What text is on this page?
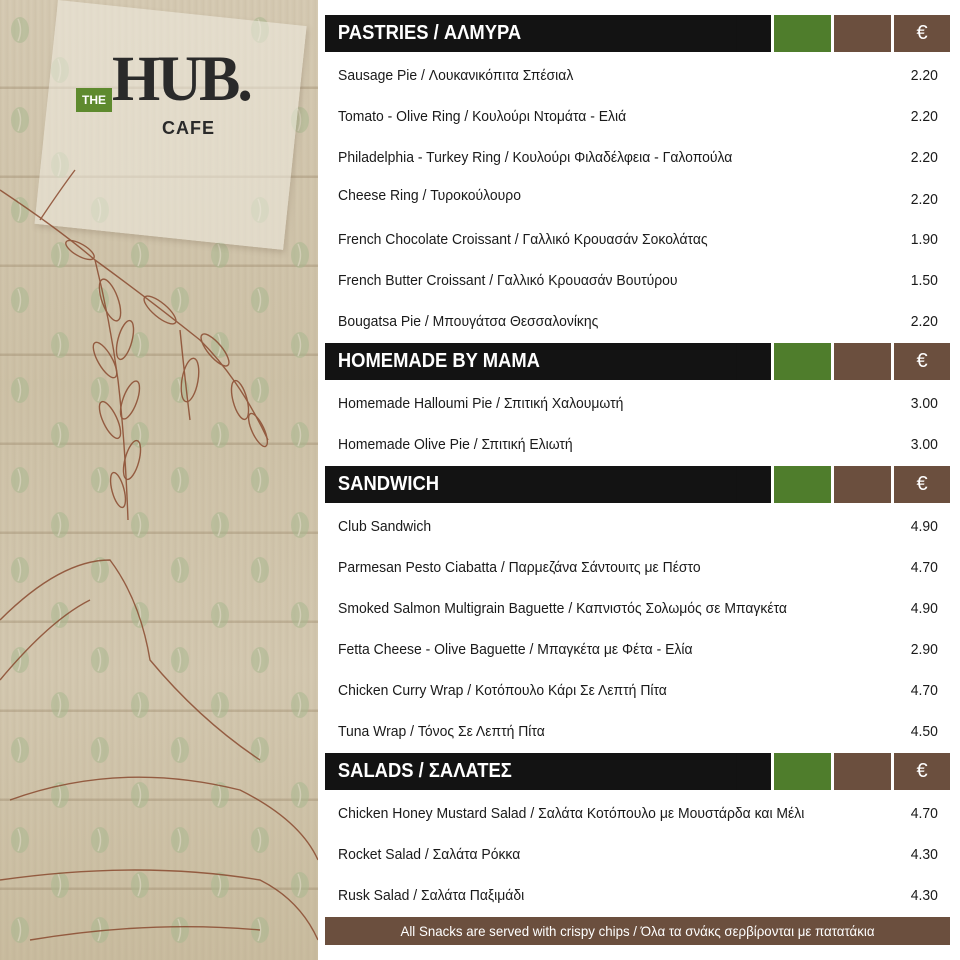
THE HUB.
CAFE
PASTRIES / ΑΛΜΥΡΑ	€
Sausage Pie / Λουκανικόπιτα Σπέσιαλ	2.20
Tomato - Olive Ring / Κουλούρι Ντομάτα - Ελιά	2.20
Philadelphia - Turkey Ring / Κουλούρι Φιλαδέλφεια - Γαλοπούλα	2.20
Cheese Ring / Τυροκούλουρο	2.20
French Chocolate Croissant / Γαλλικό Κρουασάν Σοκολάτας	1.90
French Butter Croissant / Γαλλικό Κρουασάν Βουτύρου	1.50
Bougatsa Pie / Μπουγάτσα Θεσσαλονίκης	2.20
HOMEMADE BY MAMA	€
Homemade Halloumi Pie / Σπιτική Χαλουμωτή	3.00
Homemade Olive Pie / Σπιτική Ελιωτή	3.00
SANDWICH	€
Club Sandwich	4.90
Parmesan Pesto Ciabatta / Παρμεζάνα Σάντουιτς με Πέστο	4.70
Smoked Salmon Multigrain Baguette / Καπνιστός Σολωμός σε Μπαγκέτα	4.90
Fetta Cheese - Olive Baguette / Μπαγκέτα με Φέτα - Ελία	2.90
Chicken Curry Wrap / Κοτόπουλο Κάρι Σε Λεπτή Πίτα	4.70
Tuna Wrap / Τόνος Σε Λεπτή Πίτα	4.50
SALADS / ΣΑΛΑΤΕΣ	€
Chicken Honey Mustard Salad / Σαλάτα Κοτόπουλο με Μουστάρδα και Μέλι	4.70
Rocket Salad / Σαλάτα Ρόκκα	4.30
Rusk Salad / Σαλάτα Παξιμάδι	4.30
All Snacks are served with crispy chips / Όλα τα σνάκς σερβίρονται με πατατάκια
